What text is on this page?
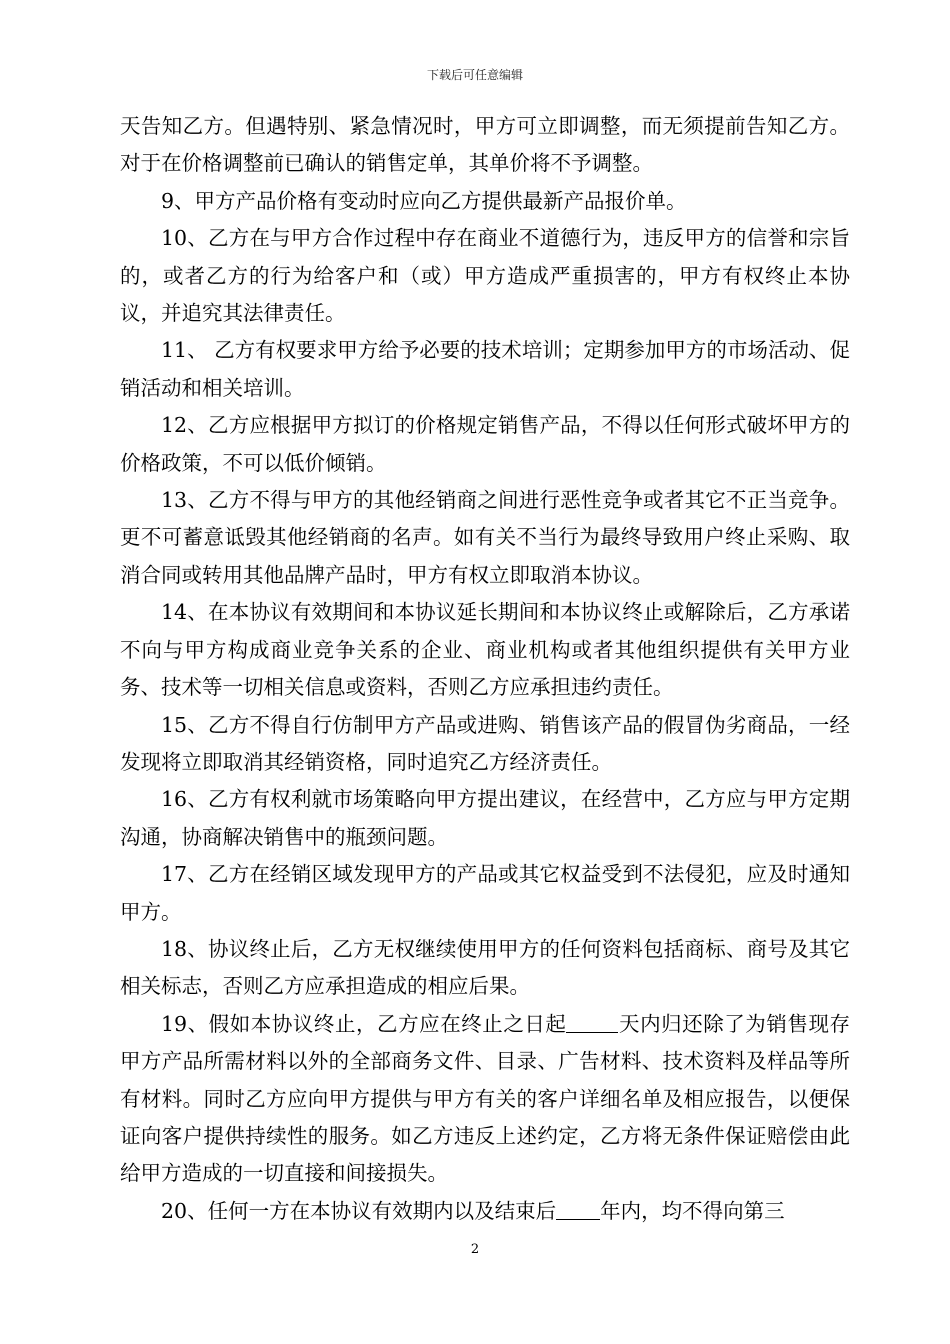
下载后可任意编辑

天告知乙方。但遇特别、紧急情况时，甲方可立即调整，而无须提前告知乙方。对于在价格调整前已确认的销售定单，其单价将不予调整。

9、甲方产品价格有变动时应向乙方提供最新产品报价单。

10、乙方在与甲方合作过程中存在商业不道德行为，违反甲方的信誉和宗旨的，或者乙方的行为给客户和（或）甲方造成严重损害的，甲方有权终止本协议，并追究其法律责任。

11、 乙方有权要求甲方给予必要的技术培训；定期参加甲方的市场活动、促销活动和相关培训。

12、乙方应根据甲方拟订的价格规定销售产品，不得以任何形式破坏甲方的价格政策，不可以低价倾销。

13、乙方不得与甲方的其他经销商之间进行恶性竞争或者其它不正当竞争。更不可蓄意诋毁其他经销商的名声。如有关不当行为最终导致用户终止采购、取消合同或转用其他品牌产品时，甲方有权立即取消本协议。

14、在本协议有效期间和本协议延长期间和本协议终止或解除后，乙方承诺不向与甲方构成商业竞争关系的企业、商业机构或者其他组织提供有关甲方业务、技术等一切相关信息或资料，否则乙方应承担违约责任。

15、乙方不得自行仿制甲方产品或进购、销售该产品的假冒伪劣商品，一经发现将立即取消其经销资格，同时追究乙方经济责任。

16、乙方有权利就市场策略向甲方提出建议，在经营中，乙方应与甲方定期沟通，协商解决销售中的瓶颈问题。

17、乙方在经销区域发现甲方的产品或其它权益受到不法侵犯，应及时通知甲方。

18、协议终止后，乙方无权继续使用甲方的任何资料包括商标、商号及其它相关标志，否则乙方应承担造成的相应后果。

19、假如本协议终止，乙方应在终止之日起	天内归还除了为销售现存甲方产品所需材料以外的全部商务文件、目录、广告材料、技术资料及样品等所有材料。同时乙方应向甲方提供与甲方有关的客户详细名单及相应报告，以便保证向客户提供持续性的服务。如乙方违反上述约定，乙方将无条件保证赔偿由此给甲方造成的一切直接和间接损失。

20、任何一方在本协议有效期内以及结束后 年内，均不得向第三

2
